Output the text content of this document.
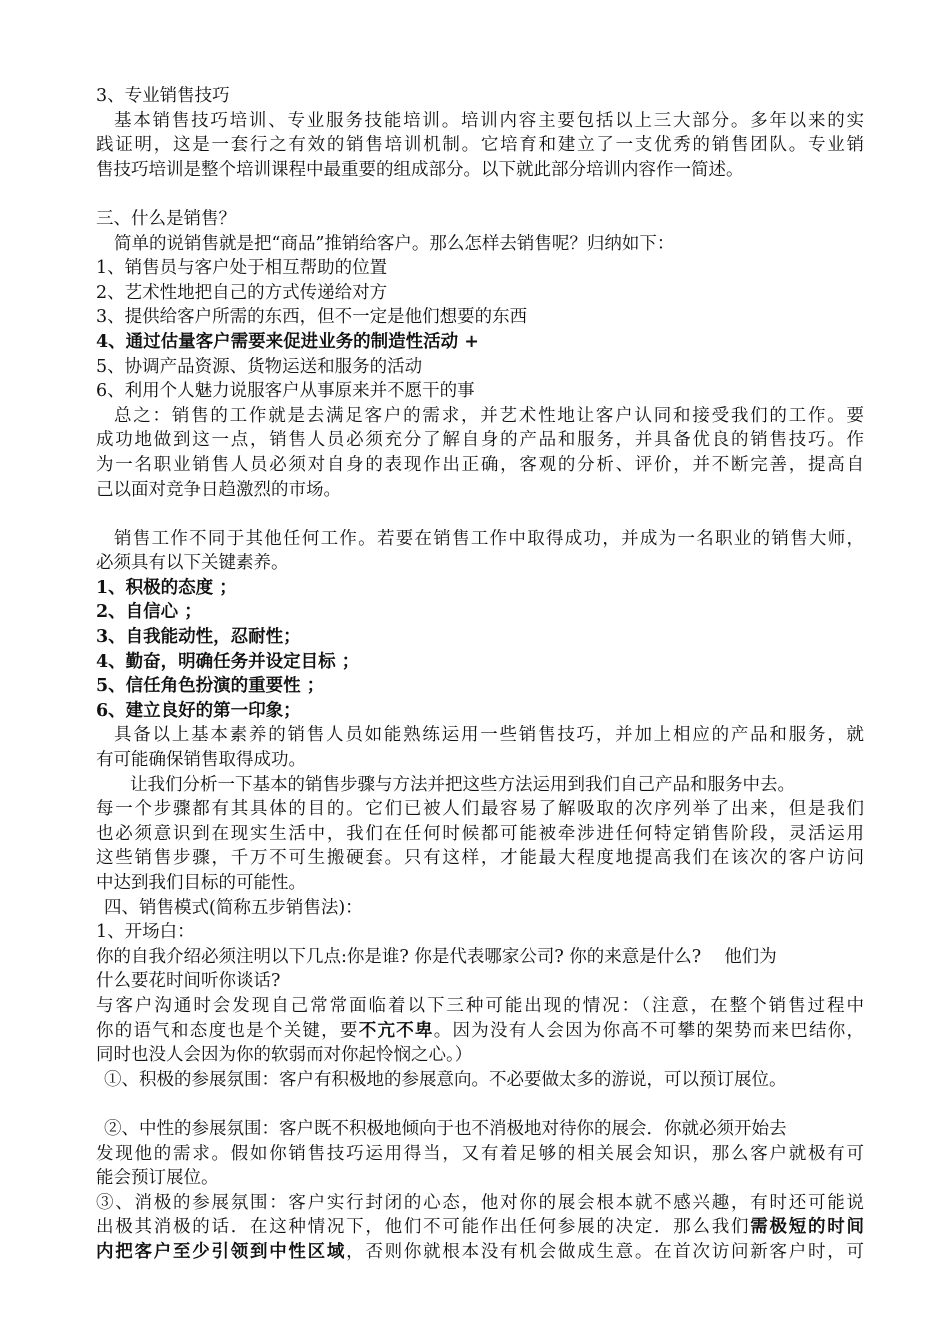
3、专业销售技巧
基本销售技巧培训、专业服务技能培训。培训内容主要包括以上三大部分。多年以来的实
践证明，这是一套行之有效的销售培训机制。它培育和建立了一支优秀的销售团队。专业销
售技巧培训是整个培训课程中最重要的组成部分。以下就此部分培训内容作一简述。
三、什么是销售？
简单的说销售就是把“商品”推销给客户。那么怎样去销售呢？归纳如下：
1、销售员与客户处于相互帮助的位置
2、艺术性地把自己的方式传递给对方
3、提供给客户所需的东西，但不一定是他们想要的东西
4、通过估量客户需要来促进业务的制造性活动 +
5、协调产品资源、货物运送和服务的活动
6、利用个人魅力说服客户从事原来并不愿干的事
总之：销售的工作就是去满足客户的需求，并艺术性地让客户认同和接受我们的工作。要
成功地做到这一点，销售人员必须充分了解自身的产品和服务，并具备优良的销售技巧。作
为一名职业销售人员必须对自身的表现作出正确，客观的分析、评价，并不断完善，提高自
己以面对竞争日趋激烈的市场。
销售工作不同于其他任何工作。若要在销售工作中取得成功，并成为一名职业的销售大师，
必须具有以下关键素养。
1、积极的态度 ；
2、自信心 ；
3、自我能动性，忍耐性；
4、勤奋，明确任务并设定目标 ；
5、信任角色扮演的重要性 ；
6、建立良好的第一印象；
具备以上基本素养的销售人员如能熟练运用一些销售技巧，并加上相应的产品和服务，就
有可能确保销售取得成功。
让我们分析一下基本的销售步骤与方法并把这些方法运用到我们自己产品和服务中去。
每一个步骤都有其具体的目的。它们已被人们最容易了解吸取的次序列举了出来，但是我们
也必须意识到在现实生活中，我们在任何时候都可能被牵涉进任何特定销售阶段，灵活运用
这些销售步骤，千万不可生搬硬套。只有这样，才能最大程度地提高我们在该次的客户访问
中达到我们目标的可能性。
四、销售模式(简称五步销售法)：
1、开场白：
你的自我介绍必须注明以下几点:你是谁? 你是代表哪家公司? 你的来意是什么?　 他们为
什么要花时间听你谈话?
与客户沟通时会发现自己常常面临着以下三种可能出现的情况：（注意，在整个销售过程中
你的语气和态度也是个关键，要不亢不卑。因为没有人会因为你高不可攀的架势而来巴结你，
同时也没人会因为你的软弱而对你起怜悯之心。）
①、积极的参展氛围：客户有积极地的参展意向。不必要做太多的游说，可以预订展位。
②、中性的参展氛围：客户既不积极地倾向于也不消极地对待你的展会．你就必须开始去
发现他的需求。假如你销售技巧运用得当，又有着足够的相关展会知识，那么客户就极有可
能会预订展位。
③、消极的参展氛围：客户实行封闭的心态，他对你的展会根本就不感兴趣，有时还可能说
出极其消极的话．在这种情况下，他们不可能作出任何参展的决定．那么我们需极短的时间
内把客户至少引领到中性区域，否则你就根本没有机会做成生意。在首次访问新客户时，可
